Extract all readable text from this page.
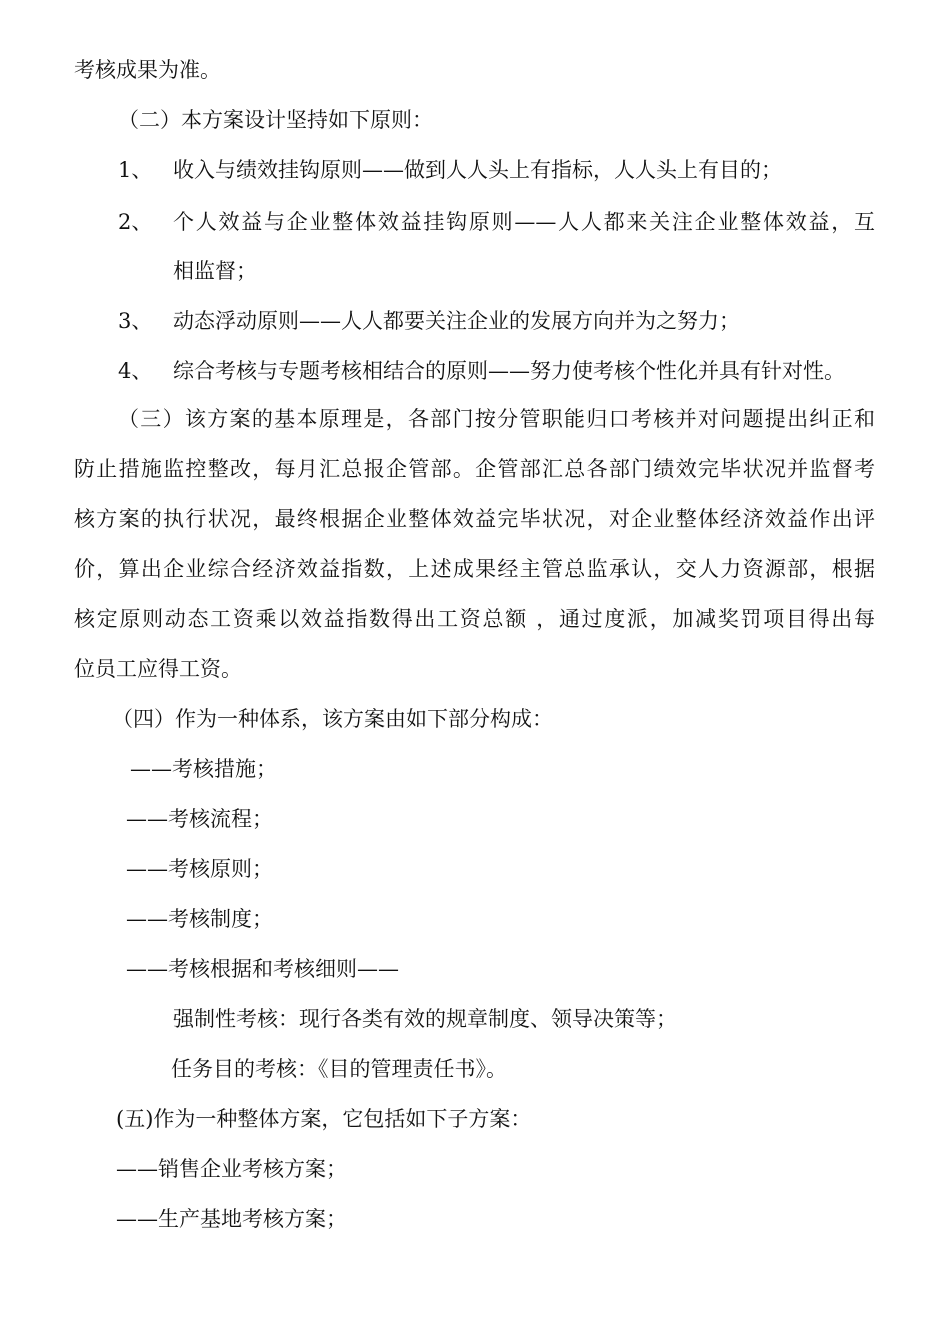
考核成果为准。
（二）本方案设计坚持如下原则：
1、 收入与绩效挂钩原则——做到人人头上有指标，人人头上有目的；
2、 个人效益与企业整体效益挂钩原则——人人都来关注企业整体效益，互
相监督；
3、 动态浮动原则——人人都要关注企业的发展方向并为之努力；
4、 综合考核与专题考核相结合的原则——努力使考核个性化并具有针对性。
（三）该方案的基本原理是，各部门按分管职能归口考核并对问题提出纠正和
防止措施监控整改，每月汇总报企管部。企管部汇总各部门绩效完毕状况并监督考
核方案的执行状况，最终根据企业整体效益完毕状况，对企业整体经济效益作出评
价，算出企业综合经济效益指数，上述成果经主管总监承认，交人力资源部，根据
核定原则动态工资乘以效益指数得出工资总额 ，通过度派，加减奖罚项目得出每
位员工应得工资。
（四）作为一种体系，该方案由如下部分构成：
——考核措施；
——考核流程；
——考核原则；
——考核制度；
——考核根据和考核细则——
强制性考核：现行各类有效的规章制度、领导决策等；
任务目的考核：《目的管理责任书》。
(五)作为一种整体方案，它包括如下子方案：
——销售企业考核方案；
——生产基地考核方案；
